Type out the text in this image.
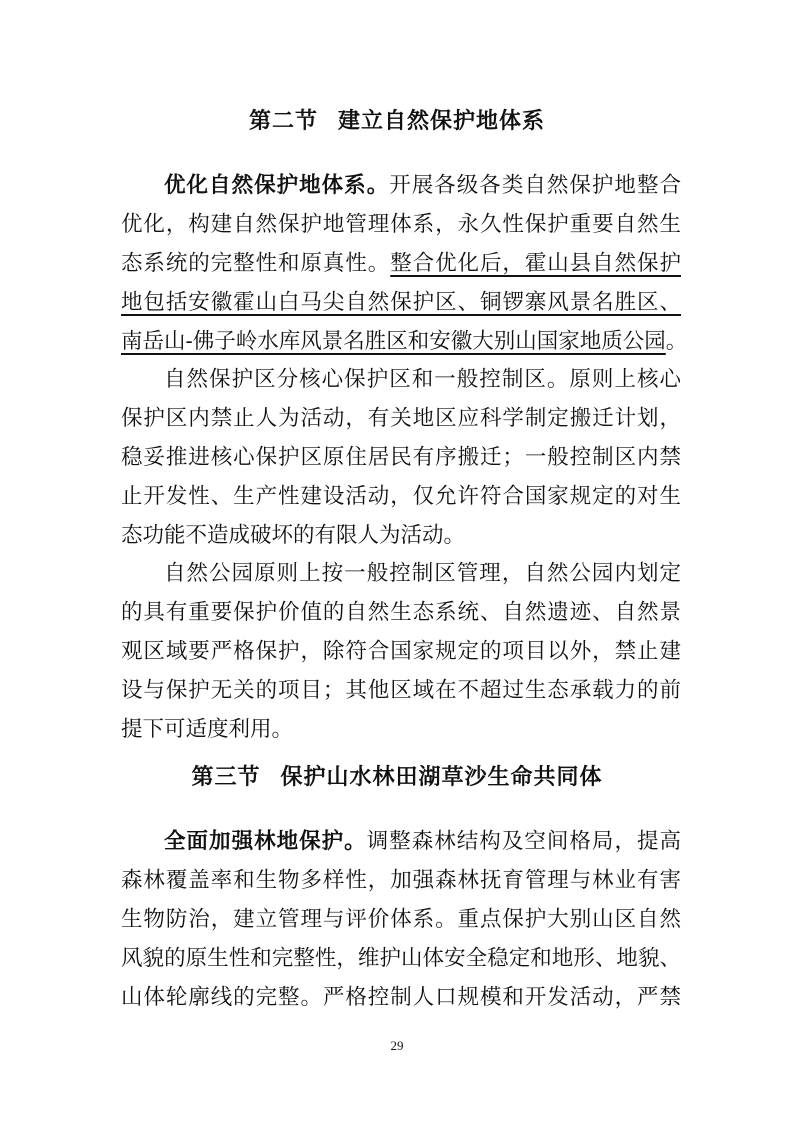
第二节 建立自然保护地体系
优化自然保护地体系。开展各级各类自然保护地整合
优化，构建自然保护地管理体系，永久性保护重要自然生
态系统的完整性和原真性。整合优化后，霍山县自然保护
地包括安徽霍山白马尖自然保护区、铜锣寨风景名胜区、
南岳山-佛子岭水库风景名胜区和安徽大别山国家地质公园。
自然保护区分核心保护区和一般控制区。原则上核心
保护区内禁止人为活动，有关地区应科学制定搬迁计划，
稳妥推进核心保护区原住居民有序搬迁；一般控制区内禁
止开发性、生产性建设活动，仅允许符合国家规定的对生
态功能不造成破坏的有限人为活动。
自然公园原则上按一般控制区管理，自然公园内划定
的具有重要保护价值的自然生态系统、自然遗迹、自然景
观区域要严格保护，除符合国家规定的项目以外，禁止建
设与保护无关的项目；其他区域在不超过生态承载力的前
提下可适度利用。
第三节 保护山水林田湖草沙生命共同体
全面加强林地保护。调整森林结构及空间格局，提高
森林覆盖率和生物多样性，加强森林抚育管理与林业有害
生物防治，建立管理与评价体系。重点保护大别山区自然
风貌的原生性和完整性，维护山体安全稳定和地形、地貌、
山体轮廓线的完整。严格控制人口规模和开发活动，严禁
29
